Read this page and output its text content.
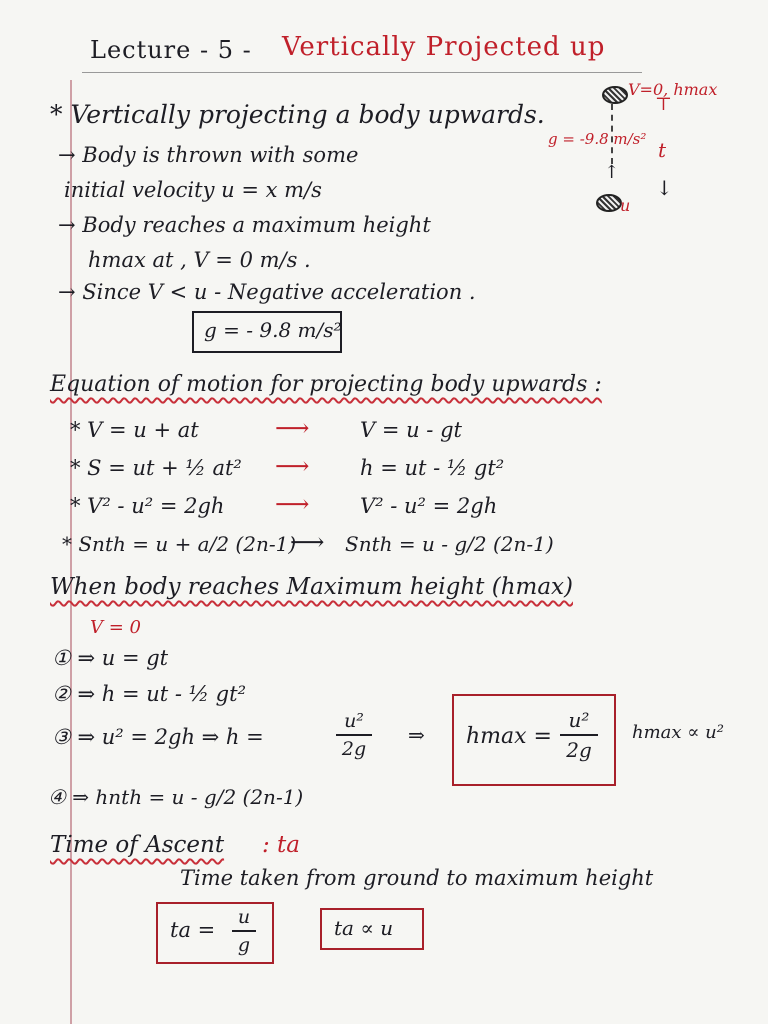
Lecture - 5 - Vertically Projected up
* Vertically projecting a body upwards.
→ Body is thrown with some
initial velocity u = x m/s
→ Body reaches a maximum height
hmax at , V = 0 m/s .
→ Since V < u - Negative acceleration .
g = - 9.8 m/s²
V=0, hmax
g = -9.8 m/s²
↑
u
⊤
t
↓
Equation of motion for projecting body upwards :
* V = u + at	⟶ V = u - gt
* S = ut + ½ at² ⟶ h = ut - ½ gt²
* V² - u² = 2gh ⟶ V² - u² = 2gh
* Snth = u + a/2 (2n-1)
⟶ Snth = u - g/2 (2n-1)
When body reaches Maximum height (hmax)
V = 0
① ⇒ u = gt
② ⇒ h = ut - ½ gt²
③ ⇒ u² = 2gh ⇒ h =
u²
2g
⇒ hmax =
u²
2g
hmax ∝ u²
④ ⇒ hnth = u - g/2 (2n-1)
Time of Ascent : ta
Time taken from ground to maximum height
ta =
u
g
ta ∝ u
